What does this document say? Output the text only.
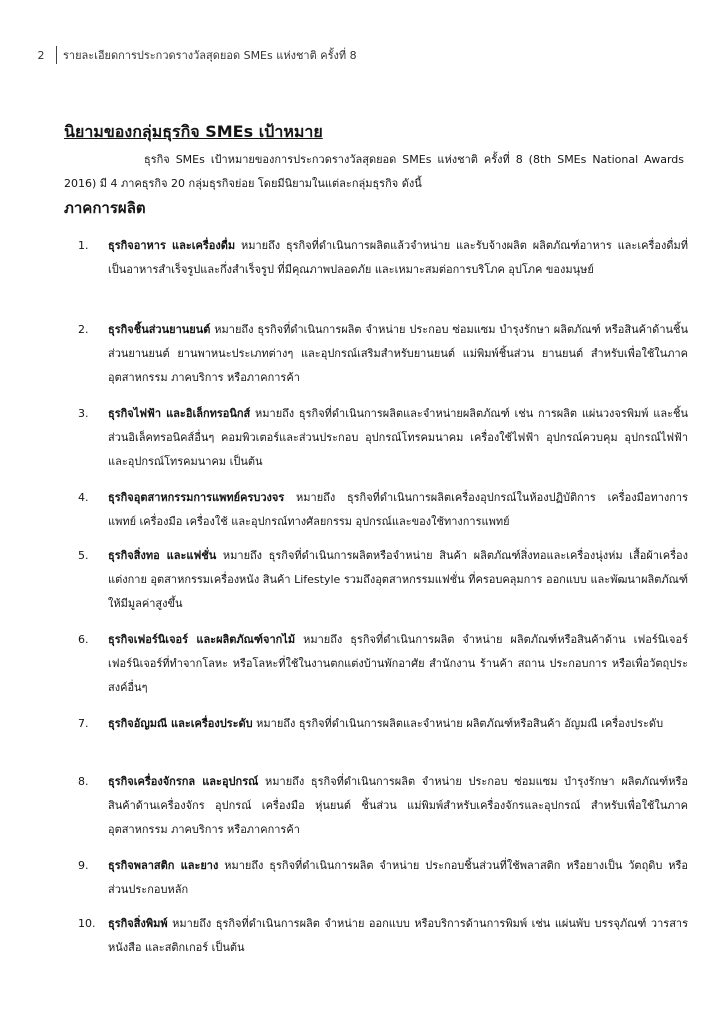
2	รายละเอียดการประกวดรางวัลสุดยอด SMEs แห่งชาติ ครั้งที่ 8
นิยามของกลุ่มธุรกิจ SMEs เป้าหมาย

ธุรกิจ SMEs เป้าหมายของการประกวดรางวัลสุดยอด SMEs แห่งชาติ ครั้งที่ 8 (8th SMEs National Awards 2016) มี 4 ภาคธุรกิจ 20 กลุ่มธุรกิจย่อย โดยมีนิยามในแต่ละกลุ่มธุรกิจ ดังนี้

ภาคการผลิต
1.	ธุรกิจอาหาร และเครื่องดื่ม หมายถึง ธุรกิจที่ดำเนินการผลิตแล้วจำหน่าย และรับจ้างผลิต ผลิตภัณฑ์อาหาร และเครื่องดื่มที่เป็นอาหารสำเร็จรูปและกึ่งสำเร็จรูป ที่มีคุณภาพปลอดภัย และเหมาะสมต่อการบริโภค อุปโภค ของมนุษย์
2.	ธุรกิจชิ้นส่วนยานยนต์ หมายถึง ธุรกิจที่ดำเนินการผลิต จำหน่าย ประกอบ ซ่อมแซม บำรุงรักษา ผลิตภัณฑ์ หรือสินค้าด้านชิ้นส่วนยานยนต์ ยานพาหนะประเภทต่างๆ และอุปกรณ์เสริมสำหรับยานยนต์ แม่พิมพ์ชิ้นส่วน ยานยนต์ สำหรับเพื่อใช้ในภาคอุตสาหกรรม ภาคบริการ หรือภาคการค้า
3.	ธุรกิจไฟฟ้า และอิเล็กทรอนิกส์ หมายถึง ธุรกิจที่ดำเนินการผลิตและจำหน่ายผลิตภัณฑ์ เช่น การผลิต แผ่นวงจรพิมพ์ และชิ้นส่วนอิเล็คทรอนิคส์อื่นๆ คอมพิวเตอร์และส่วนประกอบ อุปกรณ์โทรคมนาคม เครื่องใช้ไฟฟ้า อุปกรณ์ควบคุม อุปกรณ์ไฟฟ้า และอุปกรณ์โทรคมนาคม เป็นต้น
4.	ธุรกิจอุตสาหกรรมการแพทย์ครบวงจร หมายถึง ธุรกิจที่ดำเนินการผลิตเครื่องอุปกรณ์ในห้องปฏิบัติการ เครื่องมือทางการแพทย์ เครื่องมือ เครื่องใช้ และอุปกรณ์ทางศัลยกรรม อุปกรณ์และของใช้ทางการแพทย์
5.	ธุรกิจสิ่งทอ และแฟชั่น หมายถึง ธุรกิจที่ดำเนินการผลิตหรือจำหน่าย สินค้า ผลิตภัณฑ์สิ่งทอและเครื่องนุ่งห่ม เสื้อผ้าเครื่องแต่งกาย อุตสาหกรรมเครื่องหนัง สินค้า Lifestyle รวมถึงอุตสาหกรรมแฟชั่น ที่ครอบคลุมการ ออกแบบ และพัฒนาผลิตภัณฑ์ให้มีมูลค่าสูงขึ้น
6.	ธุรกิจเฟอร์นิเจอร์ และผลิตภัณฑ์จากไม้ หมายถึง ธุรกิจที่ดำเนินการผลิต จำหน่าย ผลิตภัณฑ์หรือสินค้าด้าน เฟอร์นิเจอร์ เฟอร์นิเจอร์ที่ทำจากโลหะ หรือโลหะที่ใช้ในงานตกแต่งบ้านพักอาศัย สำนักงาน ร้านค้า สถาน ประกอบการ หรือเพื่อวัตถุประสงค์อื่นๆ
7.	ธุรกิจอัญมณี และเครื่องประดับ หมายถึง ธุรกิจที่ดำเนินการผลิตและจำหน่าย ผลิตภัณฑ์หรือสินค้า อัญมณี เครื่องประดับ
8.	ธุรกิจเครื่องจักรกล และอุปกรณ์ หมายถึง ธุรกิจที่ดำเนินการผลิต จำหน่าย ประกอบ ซ่อมแซม บำรุงรักษา ผลิตภัณฑ์หรือสินค้าด้านเครื่องจักร อุปกรณ์ เครื่องมือ หุ่นยนต์ ชิ้นส่วน แม่พิมพ์สำหรับเครื่องจักรและอุปกรณ์ สำหรับเพื่อใช้ในภาคอุตสาหกรรม ภาคบริการ หรือภาคการค้า
9.	ธุรกิจพลาสติก และยาง หมายถึง ธุรกิจที่ดำเนินการผลิต จำหน่าย ประกอบชิ้นส่วนที่ใช้พลาสติก หรือยางเป็น วัตถุดิบ หรือส่วนประกอบหลัก
10.	ธุรกิจสิ่งพิมพ์ หมายถึง ธุรกิจที่ดำเนินการผลิต จำหน่าย ออกแบบ หรือบริการด้านการพิมพ์ เช่น แผ่นพับ บรรจุภัณฑ์ วารสาร หนังสือ และสติกเกอร์ เป็นต้น
